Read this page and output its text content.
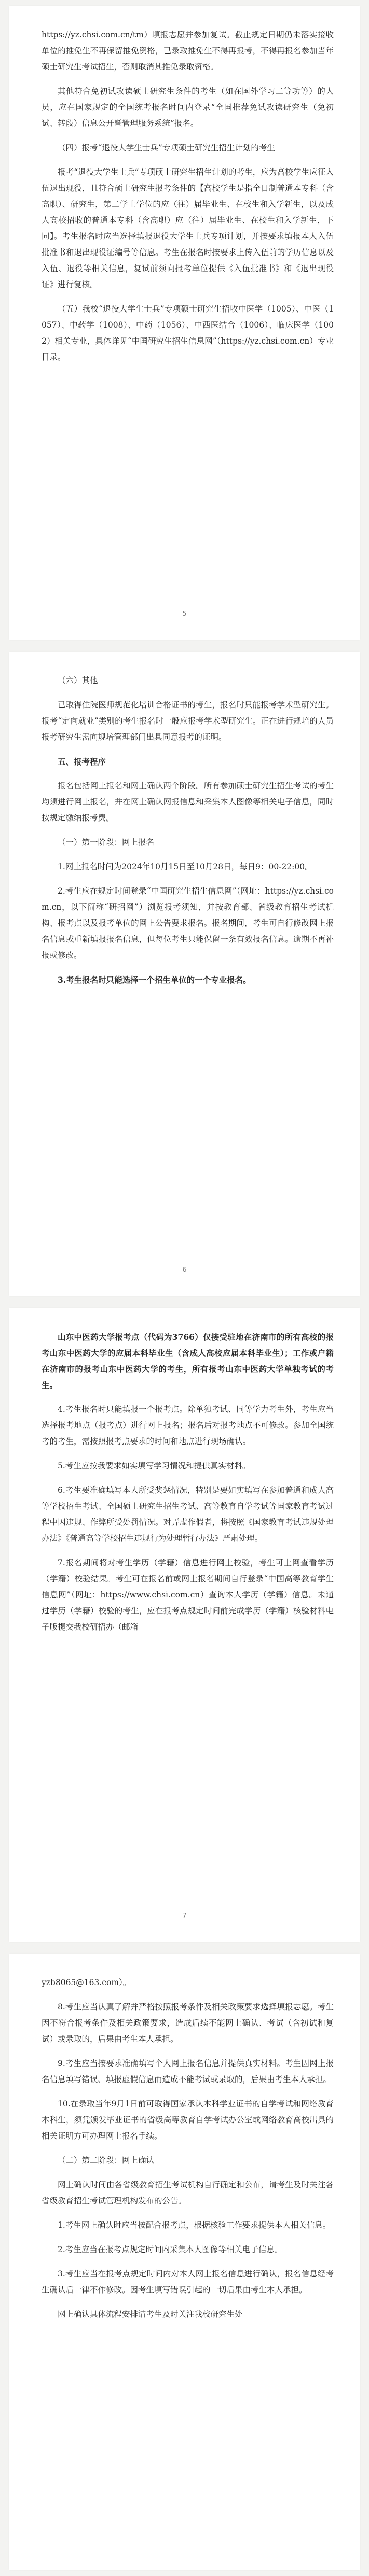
https://yz.chsi.com.cn/tm）填报志愿并参加复试。截止规定日期仍未落实接收单位的推免生不再保留推免资格，已录取推免生不得再报考，不得再报名参加当年硕士研究生考试招生，否则取消其推免录取资格。

其他符合免初试攻读硕士研究生条件的考生（如在国外学习二等功等）的人员，应在国家规定的全国统考报名时间内登录“全国推荐免试攻读研究生（免初试、转段）信息公开暨管理服务系统”报名。

（四）报考“退役大学生士兵”专项硕士研究生招生计划的考生

报考“退役大学生士兵”专项硕士研究生招生计划的考生，应为高校学生应征入伍退出现役，且符合硕士研究生报考条件的【高校学生是指全日制普通本专科（含高职）、研究生，第二学士学位的应（往）届毕业生、在校生和入学新生，以及成人高校招收的普通本专科（含高职）应（往）届毕业生、在校生和入学新生，下同】。考生报名时应当选择填报退役大学生士兵专项计划，并按要求填报本人入伍批准书和退出现役证编号等信息。考生在报名时按要求上传入伍前的学历信息以及入伍、退役等相关信息，复试前须向报考单位提供《入伍批准书》和《退出现役证》进行复核。

（五）我校“退役大学生士兵”专项硕士研究生招收中医学（1005）、中医（1057）、中药学（1008）、中药（1056）、中西医结合（1006）、临床医学（1002）相关专业，具体详见“中国研究生招生信息网”（https://yz.chsi.com.cn）专业目录。

5

（六）其他

已取得住院医师规范化培训合格证书的考生，报名时只能报考学术型研究生。报考“定向就业”类别的考生报名时一般应报考学术型研究生。正在进行规培的人员报考研究生需向规培管理部门出具同意报考的证明。

五、报考程序

报名包括网上报名和网上确认两个阶段。所有参加硕士研究生招生考试的考生均须进行网上报名，并在网上确认网报信息和采集本人图像等相关电子信息，同时按规定缴纳报考费。

（一）第一阶段：网上报名

1.网上报名时间为2024年10月15日至10月28日，每日9：00-22:00。

2.考生应在规定时间登录“中国研究生招生信息网”（网址：https://yz.chsi.com.cn，以下简称“研招网”）浏览报考须知，并按教育部、省级教育招生考试机构、报考点以及报考单位的网上公告要求报名。报名期间，考生可自行修改网上报名信息或重新填报报名信息，但每位考生只能保留一条有效报名信息。逾期不再补报或修改。

3.考生报名时只能选择一个招生单位的一个专业报名。

6

山东中医药大学报考点（代码为3766）仅接受驻地在济南市的所有高校的报考山东中医药大学的应届本科毕业生（含成人高校应届本科毕业生）；工作或户籍在济南市的报考山东中医药大学的考生，所有报考山东中医药大学单独考试的考生。

4.考生报名时只能填报一个报考点。除单独考试、同等学力考生外，考生应当选择报考地点（报考点）进行网上报名；报名后对报考地点不可修改。参加全国统考的考生，需按照报考点要求的时间和地点进行现场确认。

5.考生应按我要求如实填写学习情况和提供真实材料。

6.考生要准确填写本人所受奖惩情况，特别是要如实填写在参加普通和成人高等学校招生考试、全国硕士研究生招生考试、高等教育自学考试等国家教育考试过程中因违规、作弊所受处罚情况。对弄虚作假者，将按照《国家教育考试违规处理办法》《普通高等学校招生违规行为处理暂行办法》严肃处理。

7.报名期间将对考生学历（学籍）信息进行网上校验，考生可上网查看学历（学籍）校验结果。考生可在报名前或网上报名期间自行登录“中国高等教育学生信息网”（网址：https://www.chsi.com.cn）查询本人学历（学籍）信息。未通过学历（学籍）校验的考生，应在报考点规定时间前完成学历（学籍）核验材料电子版提交我校研招办（邮箱

7

yzb8065@163.com）。

8.考生应当认真了解并严格按照报考条件及相关政策要求选择填报志愿。考生因不符合报考条件及相关政策要求，造成后续不能网上确认、考试（含初试和复试）或录取的，后果由考生本人承担。

9.考生应当按要求准确填写个人网上报名信息并提供真实材料。考生因网上报名信息填写错误、填报虚假信息而造成不能考试或录取的，后果由考生本人承担。

10.在录取当年9月1日前可取得国家承认本科学业证书的自学考试和网络教育本科生，须凭颁发毕业证书的省级高等教育自学考试办公室或网络教育高校出具的相关证明方可办理网上报名手续。

（二）第二阶段：网上确认

网上确认时间由各省级教育招生考试机构自行确定和公布，请考生及时关注各省级教育招生考试管理机构发布的公告。

1.考生网上确认时应当按配合报考点，根据核验工作要求提供本人相关信息。

2.考生应当在报考点规定时间内采集本人图像等相关电子信息。

3.考生应当在报考点规定时间内对本人网上报名信息进行确认，报名信息经考生确认后一律不作修改。因考生填写错误引起的一切后果由考生本人承担。

网上确认具体流程安排请考生及时关注我校研究生处
